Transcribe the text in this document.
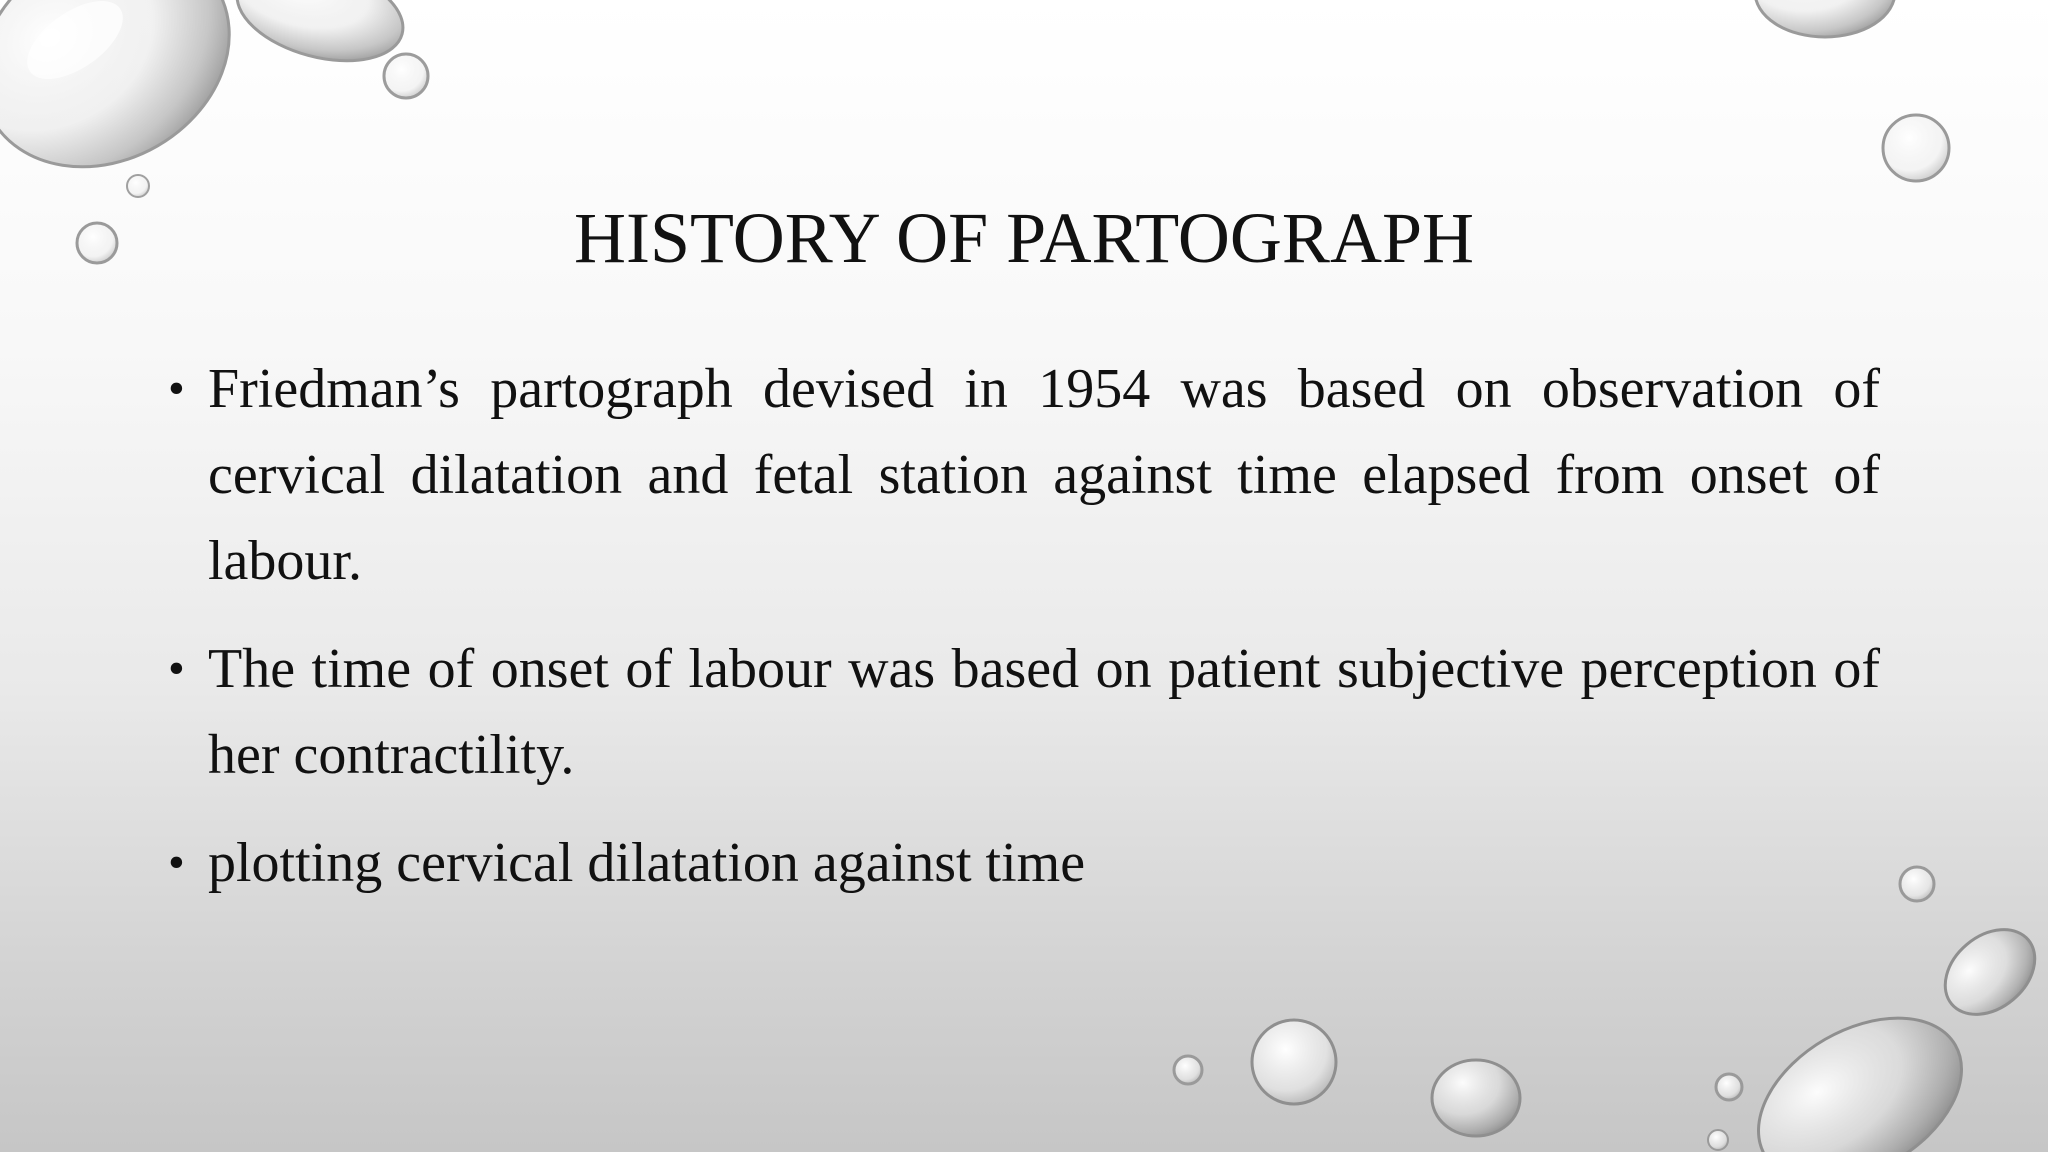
HISTORY OF PARTOGRAPH
• Friedman’s partograph devised in 1954 was based on observation of cervical dilatation and fetal station against time elapsed from onset of labour.
• The time of onset of labour was based on patient subjective perception of her contractility.
• plotting cervical dilatation against time
